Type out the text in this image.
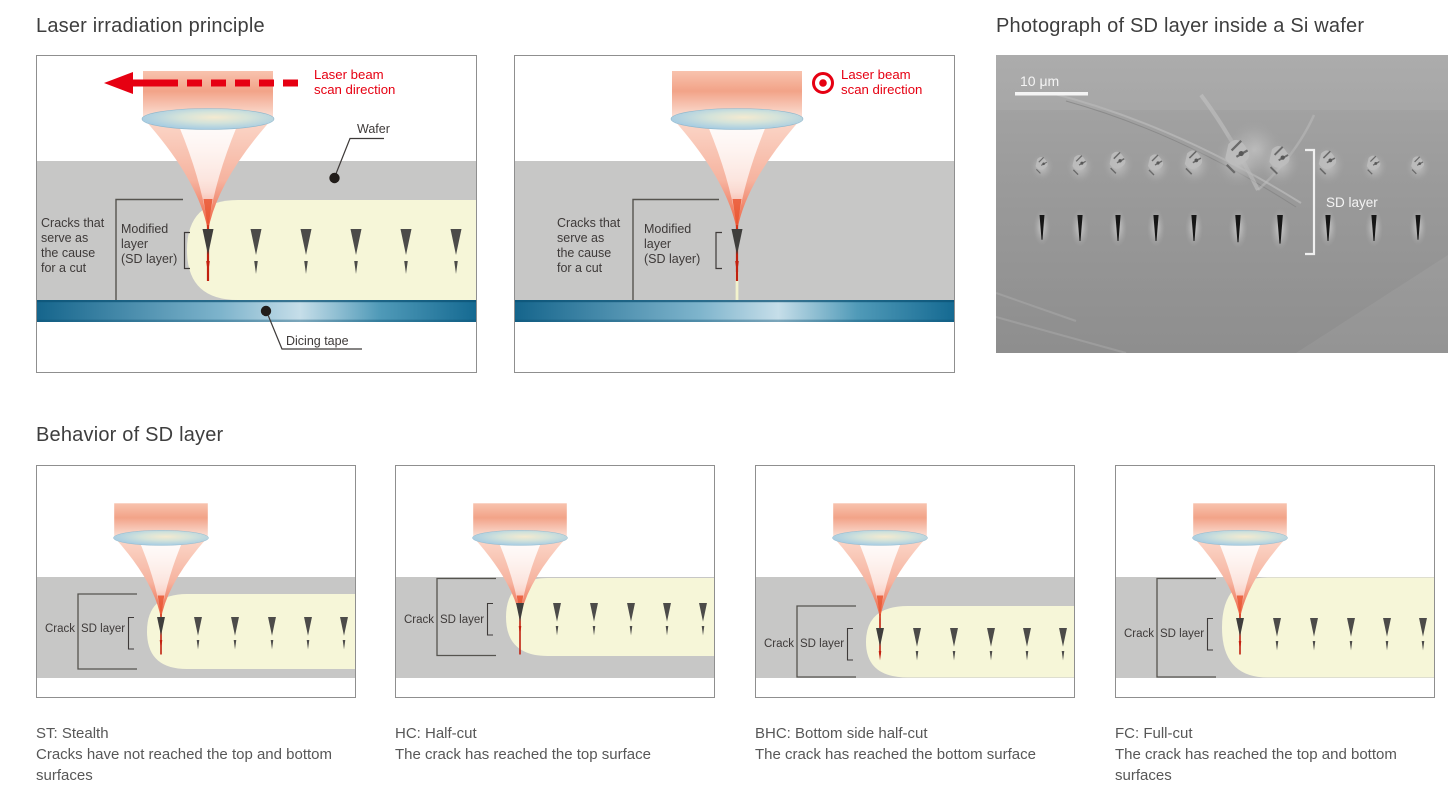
Laser irradiation principle	Photograph of SD layer inside a Si wafer
Behavior of SD layer
Laser beam
scan direction
Wafer
Cracks that
serve as
the cause
for a cut
Modified
layer
(SD layer)
Dicing tape
Laser beam
scan direction
Cracks that
serve as
the cause
for a cut
Modified
layer
(SD layer)
10 μm
SD layer
Crack SD layer
Crack SD layer
Crack SD layer
Crack SD layer
ST: Stealth
Cracks have not reached the top and bottom surfaces
HC: Half-cut
The crack has reached the top surface
BHC: Bottom side half-cut
The crack has reached the bottom surface
FC: Full-cut
The crack has reached the top and bottom surfaces
